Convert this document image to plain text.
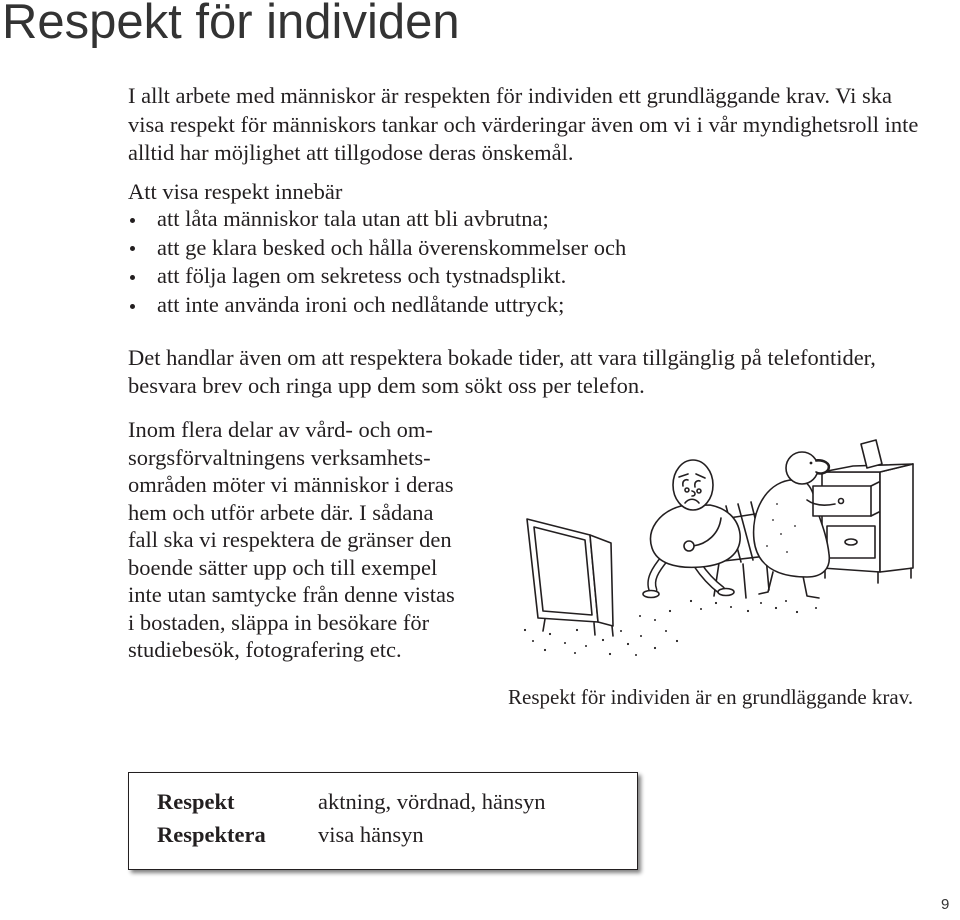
Respekt för individen
I allt arbete med människor är respekten för individen ett grundläggande krav. Vi ska
visa respekt för människors tankar och värderingar även om vi i vår myndighetsroll inte
alltid har möjlighet att tillgodose deras önskemål.

Att visa respekt innebär

att låta människor tala utan att bli avbrutna;
att ge klara besked och hålla överenskommelser och
att följa lagen om sekretess och tystnadsplikt.
att inte använda ironi och nedlåtande uttryck;
Det handlar även om att respektera bokade tider, att vara tillgänglig på telefontider,
besvara brev och ringa upp dem som sökt oss per telefon.
Inom flera delar av vård- och om-
sorgsförvaltningens verksamhets-
områden möter vi människor i deras
hem och utför arbete där. I sådana
fall ska vi respektera de gränser den
boende sätter upp och till exempel
inte utan samtycke från denne vistas
i bostaden, släppa in besökare för
studiebesök, fotografering etc.
Respekt för individen är en grundläggande krav.
Respekt	aktning, vördnad, hänsyn
Respektera visa hänsyn
9
